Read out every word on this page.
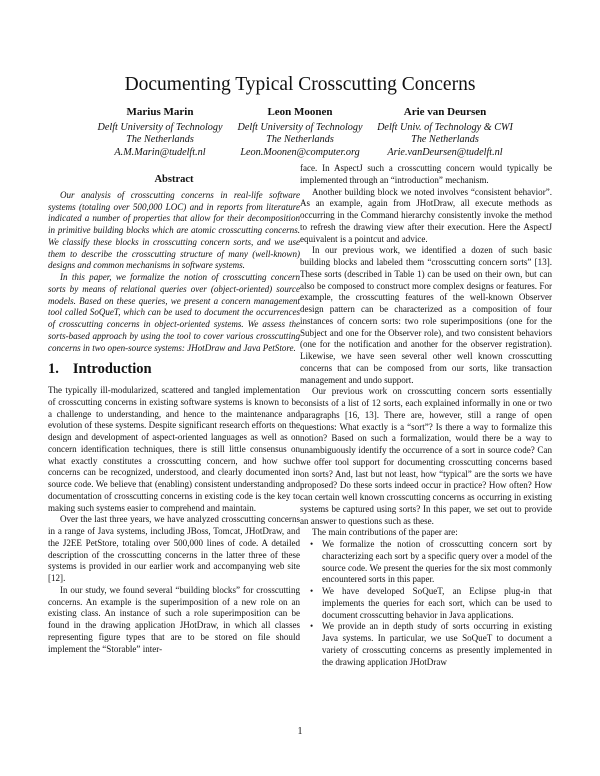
Documenting Typical Crosscutting Concerns
Marius Marin
Delft University of Technology
The Netherlands
A.M.Marin@tudelft.nl
Leon Moonen
Delft University of Technology
The Netherlands
Leon.Moonen@computer.org
Arie van Deursen
Delft Univ. of Technology & CWI
The Netherlands
Arie.vanDeursen@tudelft.nl
Abstract

Our analysis of crosscutting concerns in real-life software systems (totaling over 500,000 LOC) and in reports from literature indicated a number of properties that allow for their decomposition in primitive building blocks which are atomic crosscutting concerns. We classify these blocks in crosscutting concern sorts, and we use them to describe the crosscutting structure of many (well-known) designs and common mechanisms in software systems.

In this paper, we formalize the notion of crosscutting concern sorts by means of relational queries over (object-oriented) source models. Based on these queries, we present a concern management tool called SoQueT, which can be used to document the occurrences of crosscutting concerns in object-oriented systems. We assess the sorts-based approach by using the tool to cover various crosscutting concerns in two open-source systems: JHotDraw and Java PetStore.

1. Introduction

The typically ill-modularized, scattered and tangled implementation of crosscutting concerns in existing software systems is known to be a challenge to understanding, and hence to the maintenance and evolution of these systems. Despite significant research efforts on the design and development of aspect-oriented languages as well as on concern identification techniques, there is still little consensus on what exactly constitutes a crosscutting concern, and how such concerns can be recognized, understood, and clearly documented in source code. We believe that (enabling) consistent understanding and documentation of crosscutting concerns in existing code is the key to making such systems easier to comprehend and maintain.

Over the last three years, we have analyzed crosscutting concerns in a range of Java systems, including JBoss, Tomcat, JHotDraw, and the J2EE PetStore, totaling over 500,000 lines of code. A detailed description of the crosscutting concerns in the latter three of these systems is provided in our earlier work and accompanying web site [12].

In our study, we found several “building blocks” for crosscutting concerns. An example is the superimposition of a new role on an existing class. An instance of such a role superimposition can be found in the drawing application JHotDraw, in which all classes representing figure types that are to be stored on file should implement the “Storable” inter-

face. In AspectJ such a crosscutting concern would typically be implemented through an “introduction” mechanism.

Another building block we noted involves “consistent behavior”. As an example, again from JHotDraw, all execute methods as occurring in the Command hierarchy consistently invoke the method to refresh the drawing view after their execution. Here the AspectJ equivalent is a pointcut and advice.

In our previous work, we identified a dozen of such basic building blocks and labeled them “crosscutting concern sorts” [13]. These sorts (described in Table 1) can be used on their own, but can also be composed to construct more complex designs or features. For example, the crosscutting features of the well-known Observer design pattern can be characterized as a composition of four instances of concern sorts: two role superimpositions (one for the Subject and one for the Observer role), and two consistent behaviors (one for the notification and another for the observer registration). Likewise, we have seen several other well known crosscutting concerns that can be composed from our sorts, like transaction management and undo support.

Our previous work on crosscutting concern sorts essentially consists of a list of 12 sorts, each explained informally in one or two paragraphs [16, 13]. There are, however, still a range of open questions: What exactly is a “sort”? Is there a way to formalize this notion? Based on such a formalization, would there be a way to unambiguously identify the occurrence of a sort in source code? Can we offer tool support for documenting crosscutting concerns based on sorts? And, last but not least, how “typical” are the sorts we have proposed? Do these sorts indeed occur in practice? How often? How can certain well known crosscutting concerns as occurring in existing systems be captured using sorts? In this paper, we set out to provide an answer to questions such as these.

The main contributions of the paper are:

• We formalize the notion of crosscutting concern sort by characterizing each sort by a specific query over a model of the source code. We present the queries for the six most commonly encountered sorts in this paper.
• We have developed SoQueT, an Eclipse plug-in that implements the queries for each sort, which can be used to document crosscutting behavior in Java applications.
• We provide an in depth study of sorts occurring in existing Java systems. In particular, we use SoQueT to document a variety of crosscutting concerns as presently implemented in the drawing application JHotDraw
1
